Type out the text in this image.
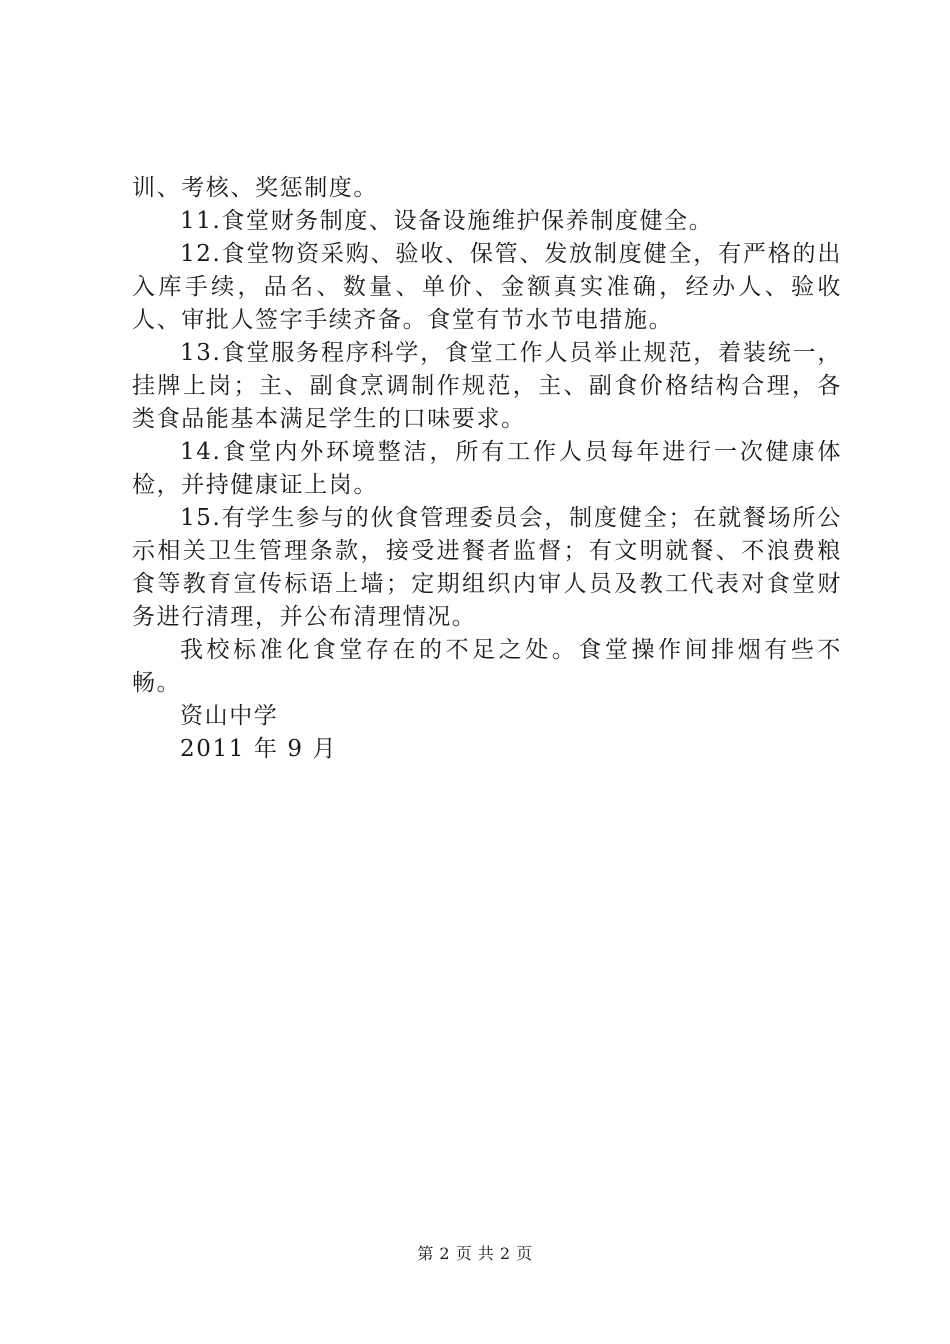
训、考核、奖惩制度。

11.食堂财务制度、设备设施维护保养制度健全。

12.食堂物资采购、验收、保管、发放制度健全，有严格的出入库手续，品名、数量、单价、金额真实准确，经办人、验收人、审批人签字手续齐备。食堂有节水节电措施。

13.食堂服务程序科学，食堂工作人员举止规范，着装统一，挂牌上岗；主、副食烹调制作规范，主、副食价格结构合理，各类食品能基本满足学生的口味要求。

14.食堂内外环境整洁，所有工作人员每年进行一次健康体检，并持健康证上岗。

15.有学生参与的伙食管理委员会，制度健全；在就餐场所公示相关卫生管理条款，接受进餐者监督；有文明就餐、不浪费粮食等教育宣传标语上墙；定期组织内审人员及教工代表对食堂财务进行清理，并公布清理情况。

我校标准化食堂存在的不足之处。食堂操作间排烟有些不畅。

资山中学

2011 年 9 月

第 2 页 共 2 页
